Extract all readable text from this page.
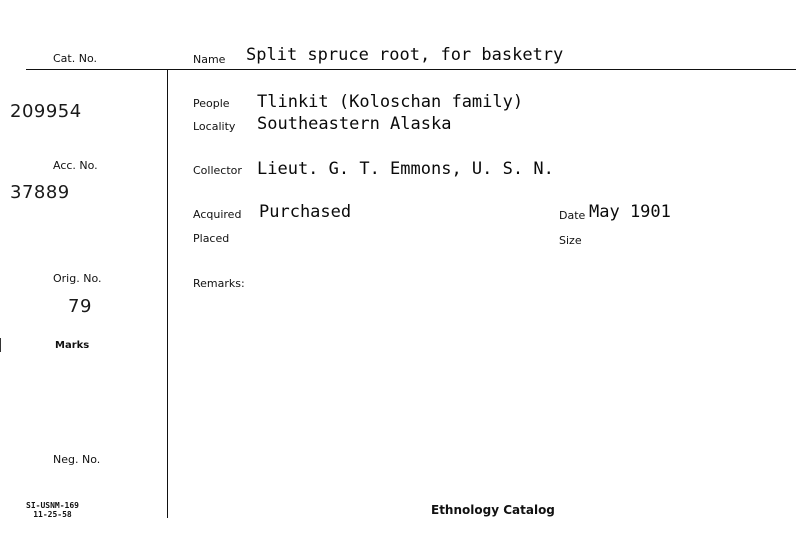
Cat. No.
209954
Acc. No.
37889
Orig. No.
79
Marks
Neg. No.
SI-USNM-169
11-25-58
Name Split spruce root, for basketry
People Tlinkit (Koloschan family)
Locality Southeastern Alaska
Collector Lieut. G. T. Emmons, U. S. N.
Acquired Purchased
Placed
Date May 1901
Size
Remarks:
Ethnology Catalog
